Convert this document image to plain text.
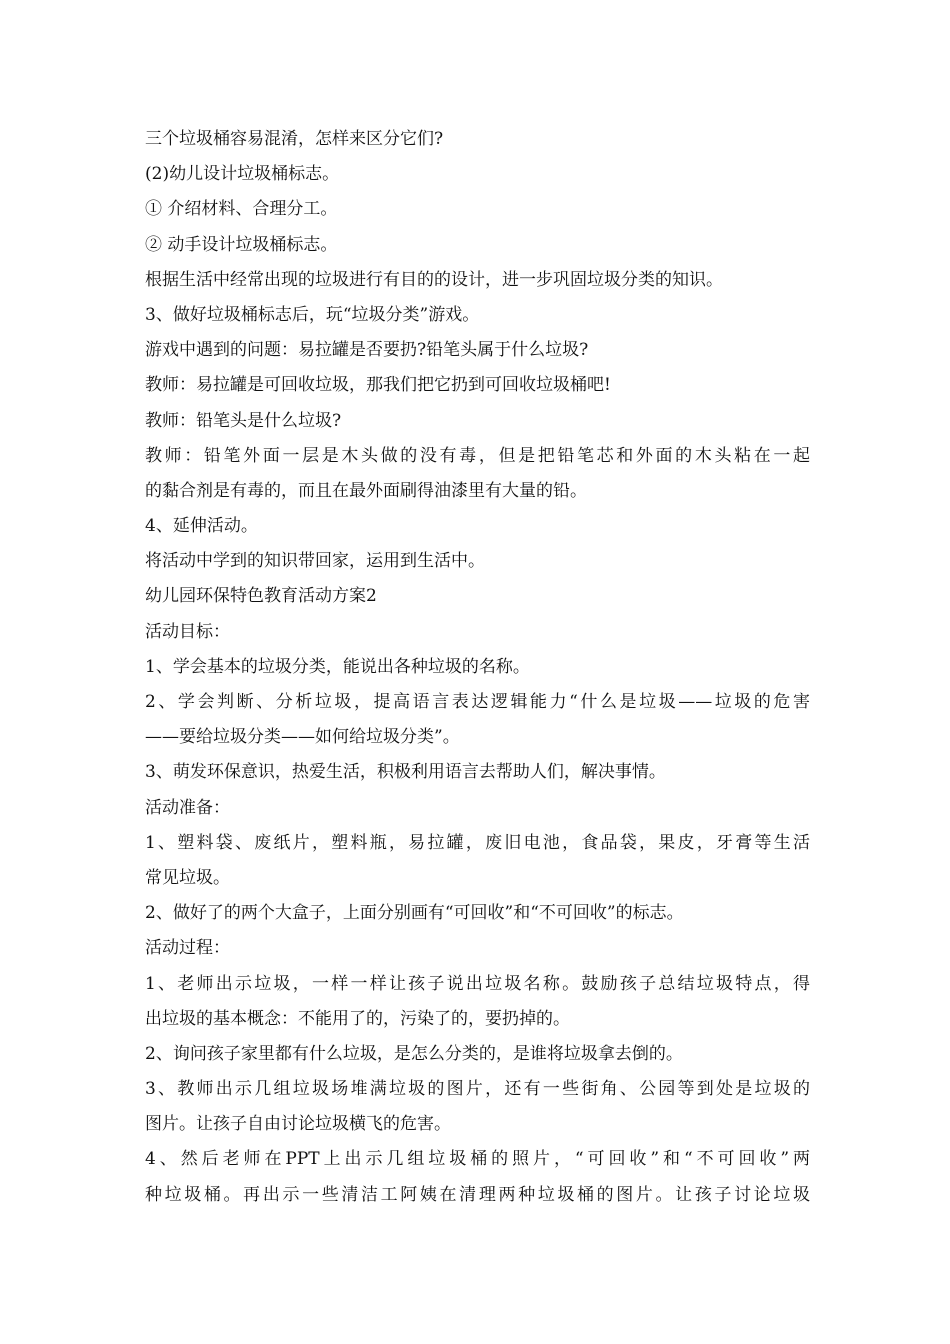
三个垃圾桶容易混淆，怎样来区分它们?
(2)幼儿设计垃圾桶标志。
① 介绍材料、合理分工。
② 动手设计垃圾桶标志。
根据生活中经常出现的垃圾进行有目的的设计，进一步巩固垃圾分类的知识。
3、做好垃圾桶标志后，玩“垃圾分类”游戏。
游戏中遇到的问题：易拉罐是否要扔?铅笔头属于什么垃圾?
教师：易拉罐是可回收垃圾，那我们把它扔到可回收垃圾桶吧!
教师：铅笔头是什么垃圾?
教师：铅笔外面一层是木头做的没有毒，但是把铅笔芯和外面的木头粘在一起
的黏合剂是有毒的，而且在最外面刷得油漆里有大量的铅。
4、延伸活动。
将活动中学到的知识带回家，运用到生活中。
幼儿园环保特色教育活动方案2
活动目标：
1、学会基本的垃圾分类，能说出各种垃圾的名称。
2、学会判断、分析垃圾，提高语言表达逻辑能力“什么是垃圾——垃圾的危害
——要给垃圾分类——如何给垃圾分类”。
3、萌发环保意识，热爱生活，积极利用语言去帮助人们，解决事情。
活动准备：
1、塑料袋、废纸片，塑料瓶，易拉罐，废旧电池，食品袋，果皮，牙膏等生活
常见垃圾。
2、做好了的两个大盒子，上面分别画有“可回收”和“不可回收”的标志。
活动过程：
1、老师出示垃圾，一样一样让孩子说出垃圾名称。鼓励孩子总结垃圾特点，得
出垃圾的基本概念：不能用了的，污染了的，要扔掉的。
2、询问孩子家里都有什么垃圾，是怎么分类的，是谁将垃圾拿去倒的。
3、教师出示几组垃圾场堆满垃圾的图片，还有一些街角、公园等到处是垃圾的
图片。让孩子自由讨论垃圾横飞的危害。
4、然后老师在PPT上出示几组垃圾桶的照片，“可回收”和“不可回收”两
种垃圾桶。再出示一些清洁工阿姨在清理两种垃圾桶的图片。让孩子讨论垃圾
